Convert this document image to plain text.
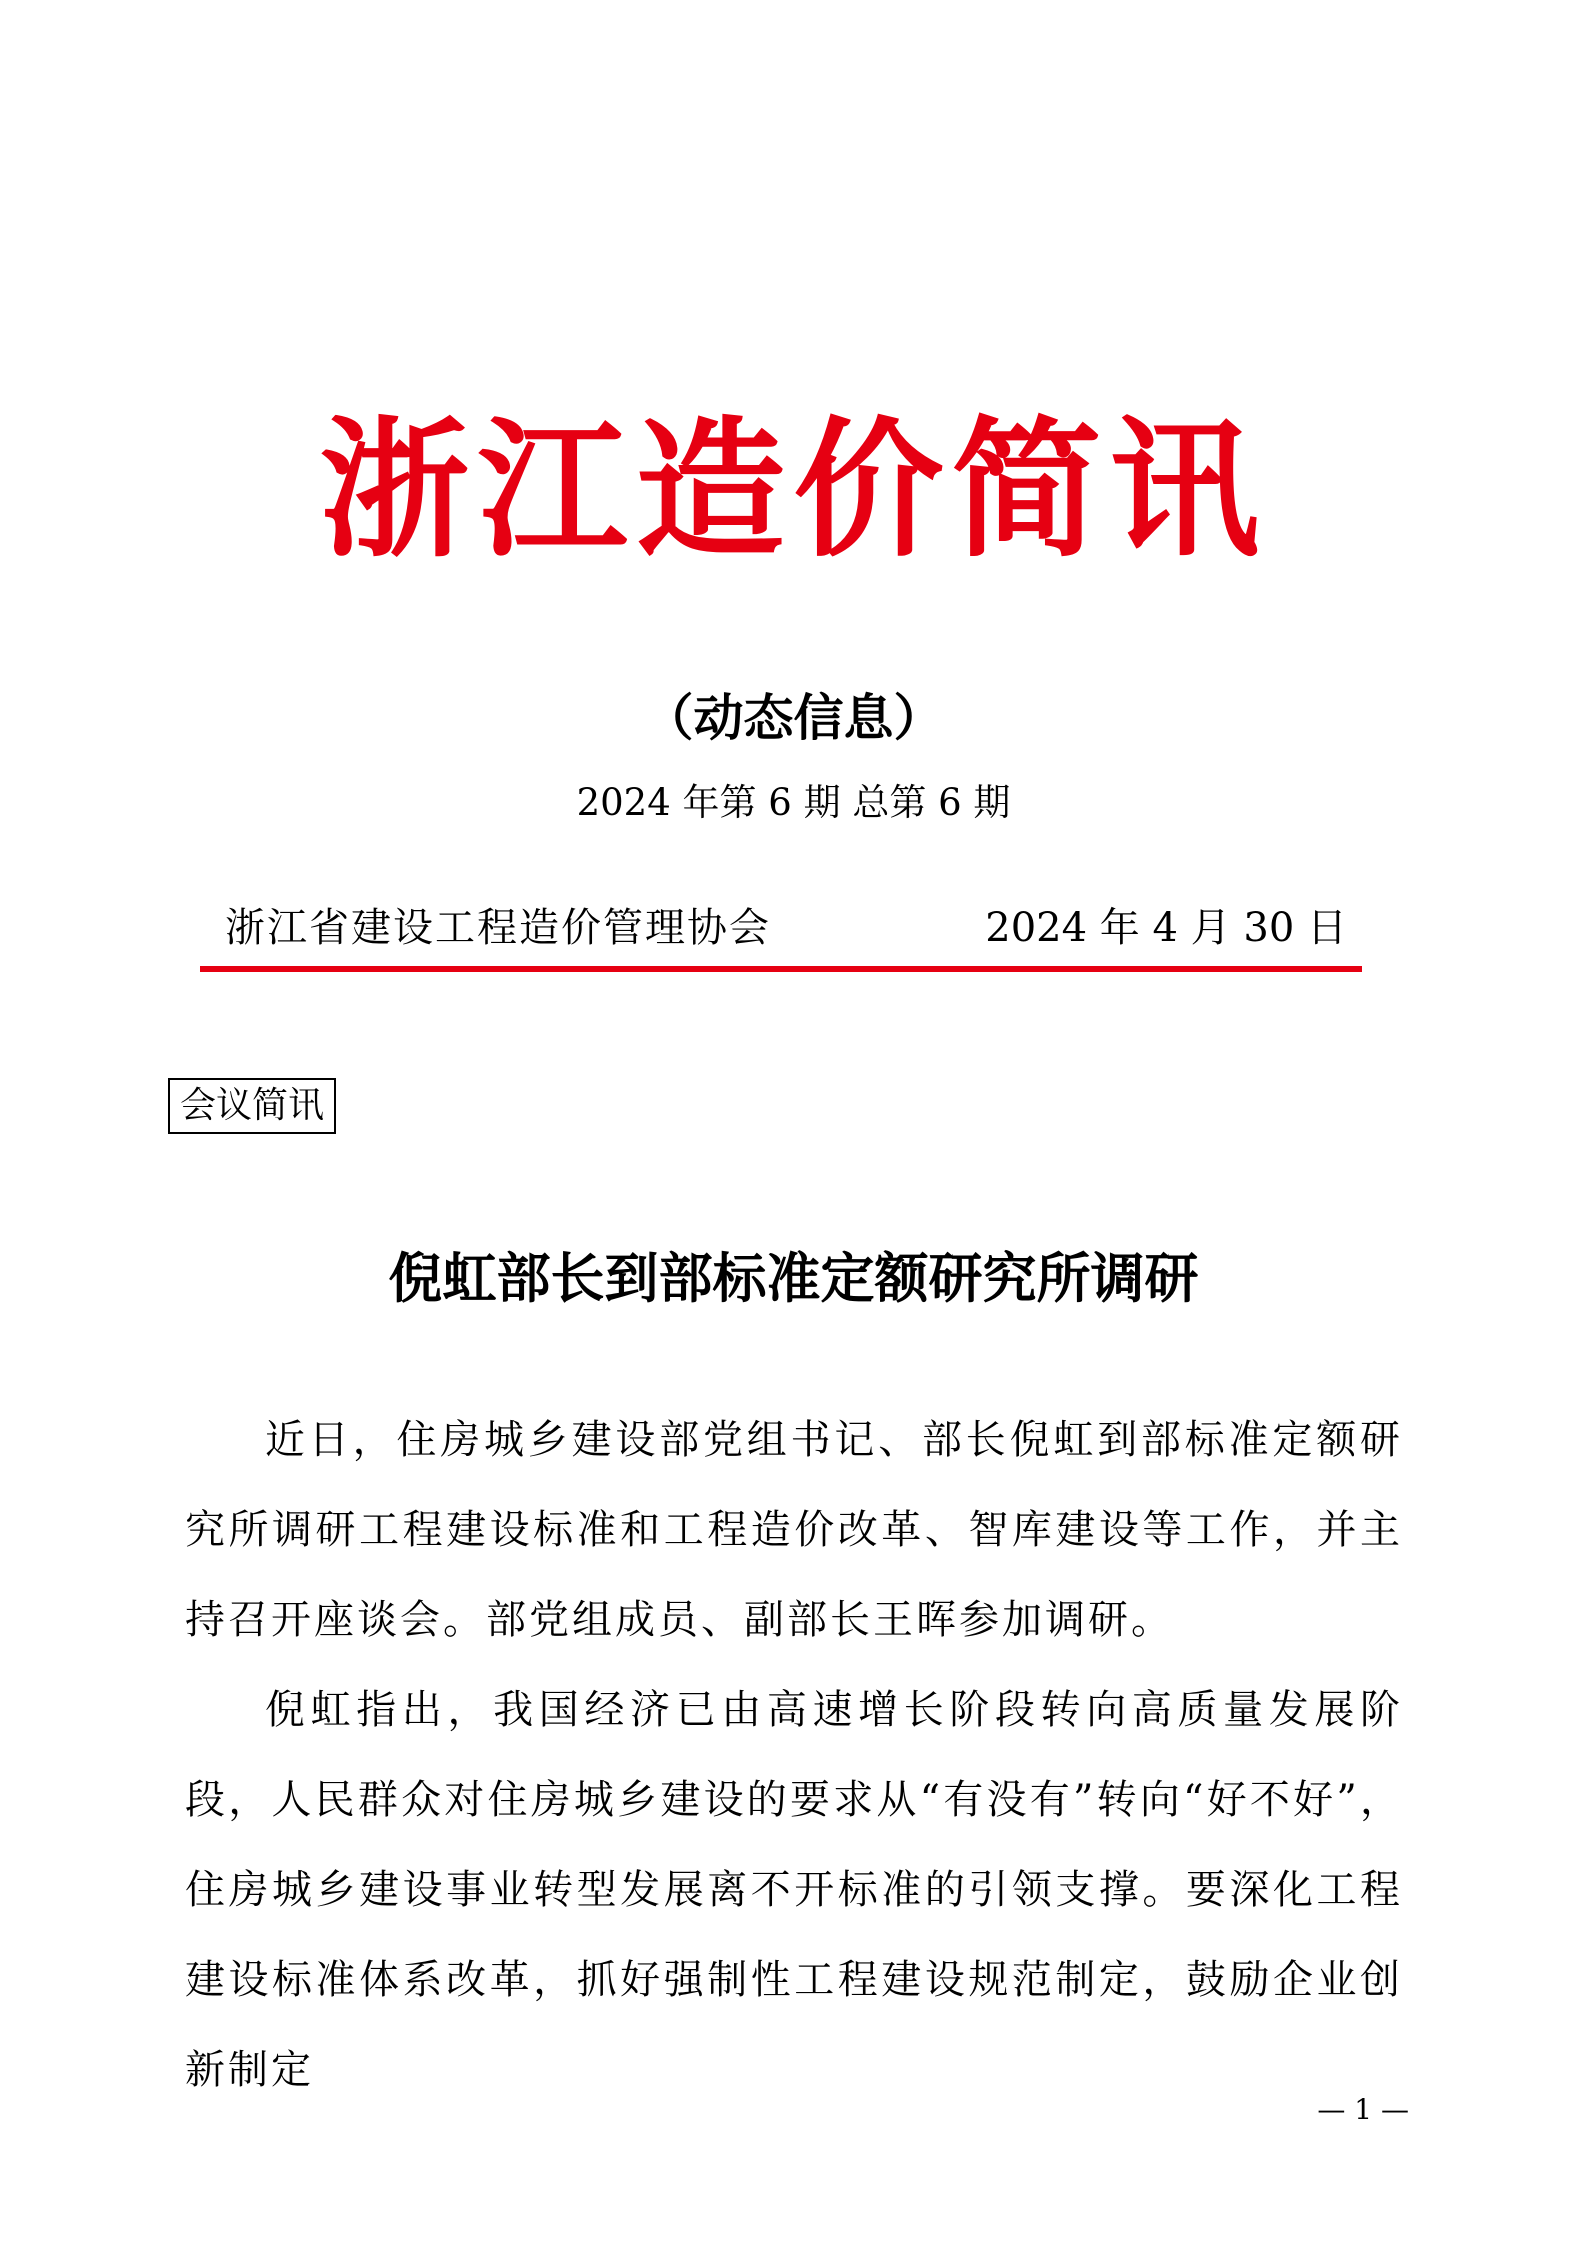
浙江造价简讯
（动态信息）
2024 年第 6 期 总第 6 期
浙江省建设工程造价管理协会	2024 年 4 月 30 日
会议简讯
倪虹部长到部标准定额研究所调研

近日，住房城乡建设部党组书记、部长倪虹到部标准定额研究所调研工程建设标准和工程造价改革、智库建设等工作，并主持召开座谈会。部党组成员、副部长王晖参加调研。

倪虹指出，我国经济已由高速增长阶段转向高质量发展阶段，人民群众对住房城乡建设的要求从“有没有”转向“好不好”，住房城乡建设事业转型发展离不开标准的引领支撑。要深化工程建设标准体系改革，抓好强制性工程建设规范制定，鼓励企业创新制定

— 1 —
